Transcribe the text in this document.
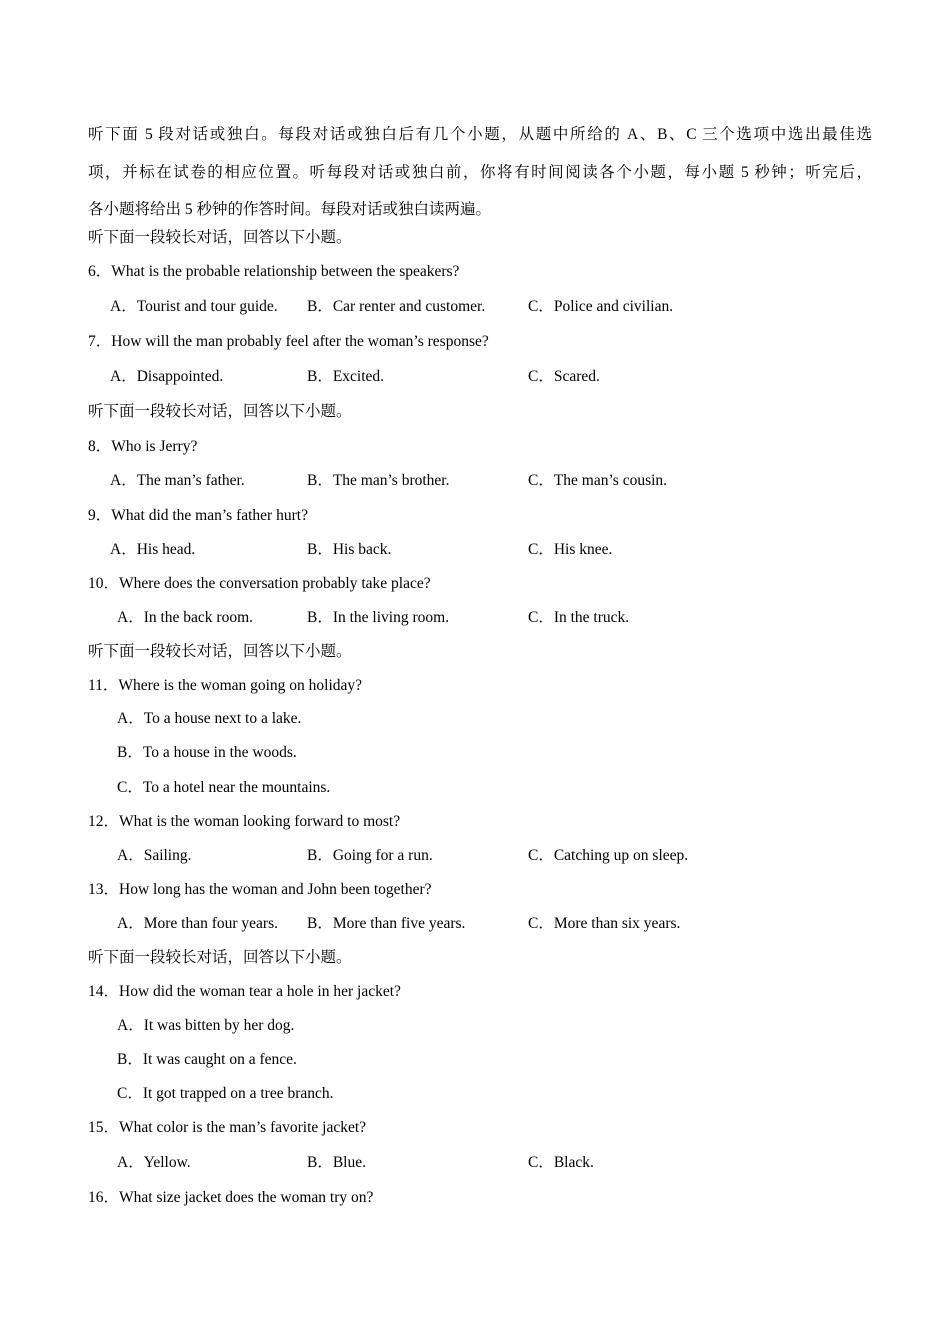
听下面 5 段对话或独白。每段对话或独白后有几个小题，从题中所给的 A、B、C 三个选项中选出最佳选
项，并标在试卷的相应位置。听每段对话或独白前，你将有时间阅读各个小题，每小题 5 秒钟；听完后，
各小题将给出 5 秒钟的作答时间。每段对话或独白读两遍。
听下面一段较长对话，回答以下小题。
6．What is the probable relationship between the speakers?
A．Tourist and tour guide. B．Car renter and customer.	C．Police and civilian.
7．How will the man probably feel after the woman’s response?
A．Disappointed.	B．Excited.	C．Scared.
听下面一段较长对话，回答以下小题。
8．Who is Jerry?
A．The man’s father.	B．The man’s brother.	C．The man’s cousin.
9．What did the man’s father hurt?
A．His head.	B．His back.	C．His knee.
10．Where does the conversation probably take place?
A．In the back room.	B．In the living room.	C．In the truck.
听下面一段较长对话，回答以下小题。
11．Where is the woman going on holiday?
A．To a house next to a lake.
B．To a house in the woods.
C．To a hotel near the mountains.
12．What is the woman looking forward to most?
A．Sailing.	B．Going for a run.	C．Catching up on sleep.
13．How long has the woman and John been together?
A．More than four years. B．More than five years.	C．More than six years.
听下面一段较长对话，回答以下小题。
14．How did the woman tear a hole in her jacket?
A．It was bitten by her dog.
B．It was caught on a fence.
C．It got trapped on a tree branch.
15．What color is the man’s favorite jacket?
A．Yellow.	B．Blue.	C．Black.
16．What size jacket does the woman try on?
